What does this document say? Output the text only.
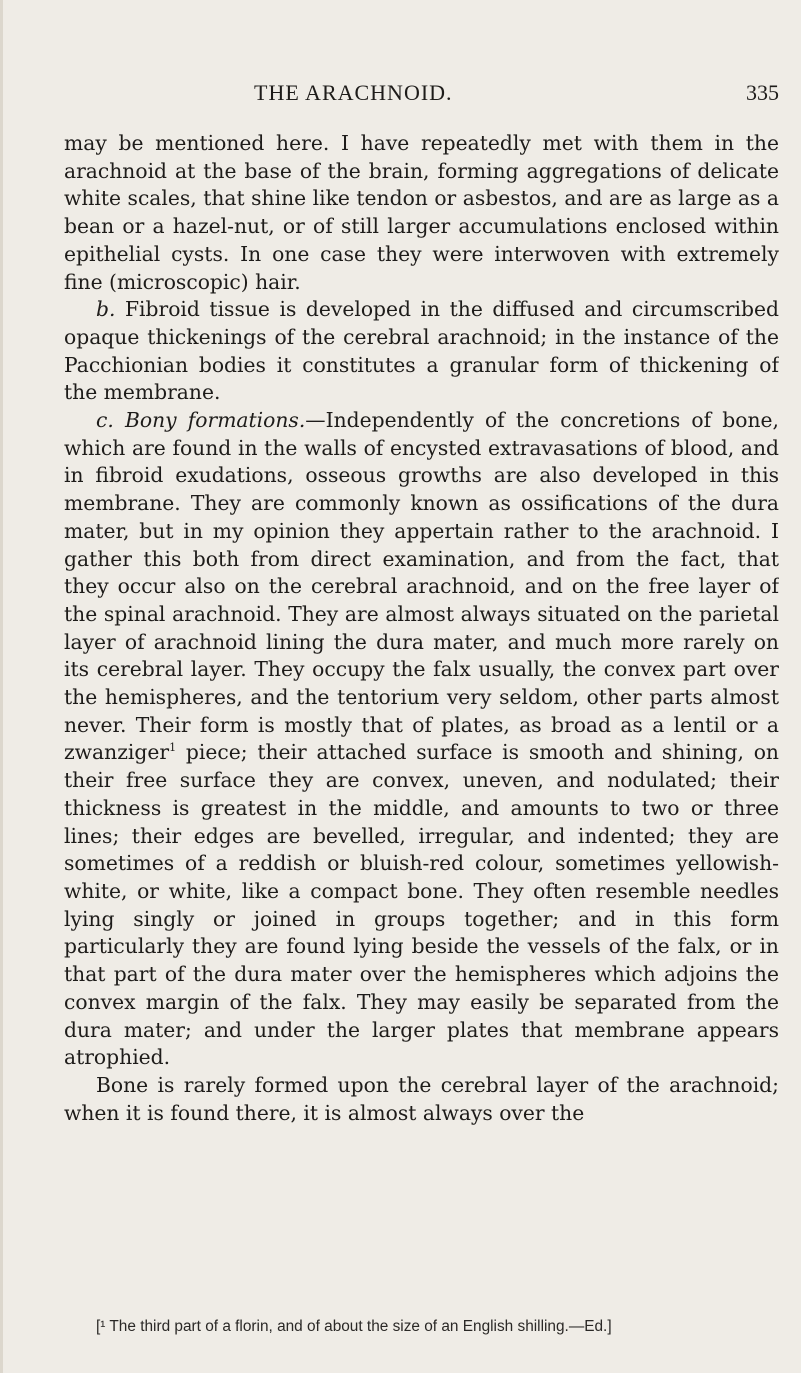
THE ARACHNOID.	335

may be mentioned here. I have repeatedly met with them in the arachnoid at the base of the brain, forming aggregations of delicate white scales, that shine like tendon or asbestos, and are as large as a bean or a hazel-nut, or of still larger accumulations enclosed within epithelial cysts. In one case they were interwoven with extremely fine (microscopic) hair.

b. Fibroid tissue is developed in the diffused and circumscribed opaque thickenings of the cerebral arachnoid; in the instance of the Pacchionian bodies it constitutes a granular form of thickening of the membrane.

c. Bony formations.—Independently of the concretions of bone, which are found in the walls of encysted extravasations of blood, and in fibroid exudations, osseous growths are also developed in this membrane. They are commonly known as ossifications of the dura mater, but in my opinion they appertain rather to the arachnoid. I gather this both from direct examination, and from the fact, that they occur also on the cerebral arachnoid, and on the free layer of the spinal arachnoid. They are almost always situated on the parietal layer of arachnoid lining the dura mater, and much more rarely on its cerebral layer. They occupy the falx usually, the convex part over the hemispheres, and the tentorium very seldom, other parts almost never. Their form is mostly that of plates, as broad as a lentil or a zwanziger$^1$ piece; their attached surface is smooth and shining, on their free surface they are convex, uneven, and nodulated; their thickness is greatest in the middle, and amounts to two or three lines; their edges are bevelled, irregular, and indented; they are sometimes of a reddish or bluish-red colour, sometimes yellowish-white, or white, like a compact bone. They often resemble needles lying singly or joined in groups together; and in this form particularly they are found lying beside the vessels of the falx, or in that part of the dura mater over the hemispheres which adjoins the convex margin of the falx. They may easily be separated from the dura mater; and under the larger plates that membrane appears atrophied.

Bone is rarely formed upon the cerebral layer of the arachnoid; when it is found there, it is almost always over the

[¹ The third part of a florin, and of about the size of an English shilling.—Ed.]
